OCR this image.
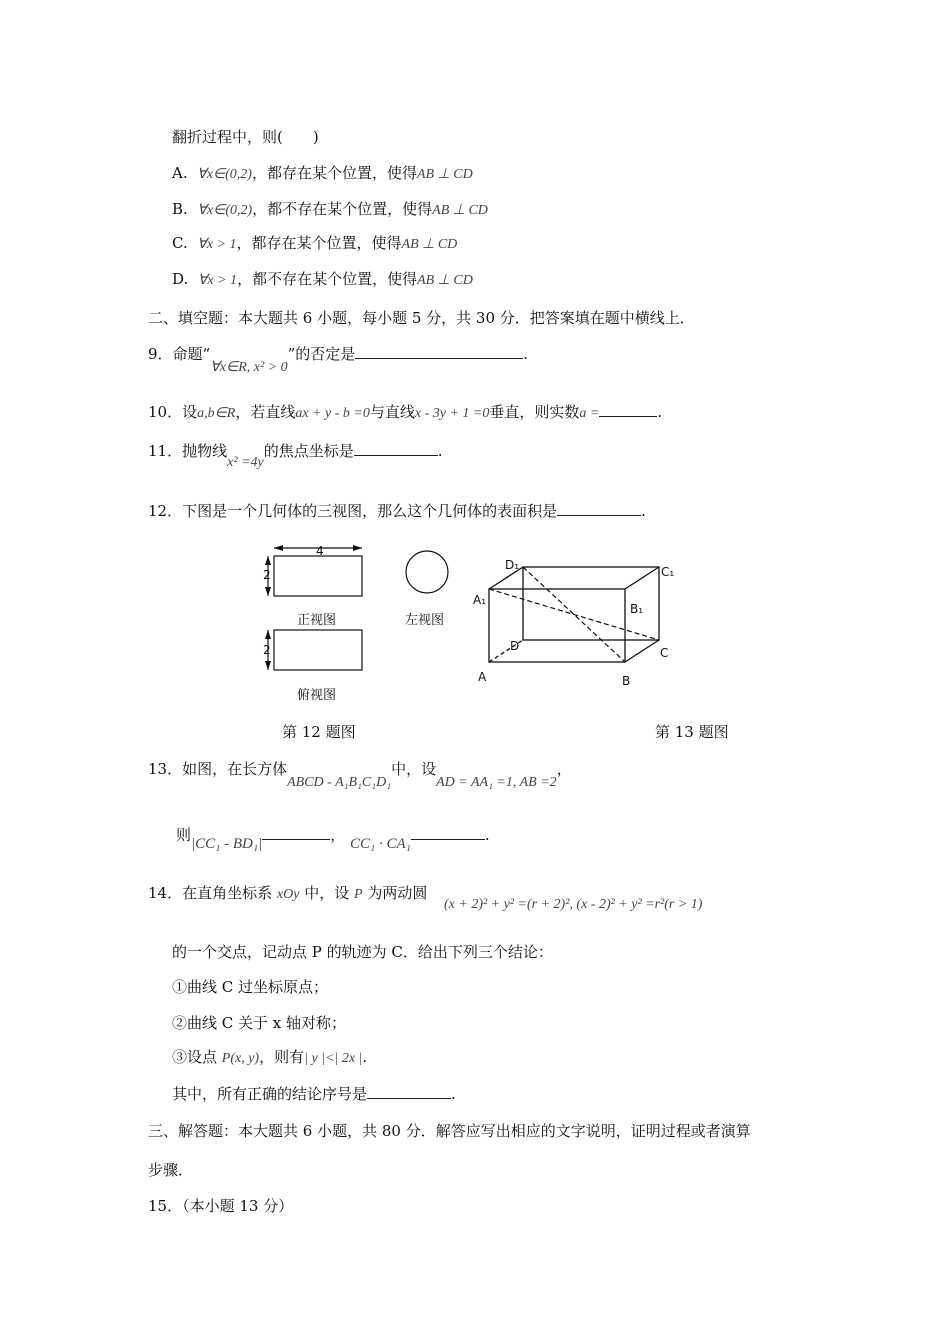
翻折过程中，则(  )
A. ∀x∈(0,2)，都存在某个位置，使得AB ⊥ CD
B. ∀x∈(0,2)，都不存在某个位置，使得AB ⊥ CD
C. ∀x > 1，都存在某个位置，使得AB ⊥ CD
D. ∀x > 1，都不存在某个位置，使得AB ⊥ CD
二、填空题：本大题共 6 小题，每小题 5 分，共 30 分．把答案填在题中横线上．
9．命题“∀x∈R, x² > 0”的否定是	.
10．设a,b∈R，若直线ax + y - b =0与直线x - 3y + 1 =0垂直，则实数a =	.
11．抛物线x² =4y的焦点坐标是	.
12．下图是一个几何体的三视图，那么这个几何体的表面积是	.
4
2
2
正视图	左视图
俯视图
D₁	C₁
A₁
B₁
D	C
A	B
第 12 题图	第 13 题图
13．如图，在长方体ABCD - A₁B₁C₁D₁中，设AD = AA₁ =1, AB =2，
则|CC₁ - BD₁|	， CC₁ · CA₁	.
14．在直角坐标系 xOy 中，设 P 为两动圆
(x + 2)² + y² =(r + 2)², (x - 2)² + y² =r²(r > 1)
的一个交点，记动点 P 的轨迹为 C．给出下列三个结论：
①曲线 C 过坐标原点；
②曲线 C 关于 x 轴对称；
③设点 P(x, y)，则有| y |<| 2x |.
其中，所有正确的结论序号是	.
三、解答题：本大题共 6 小题，共 80 分．解答应写出相应的文字说明，证明过程或者演算
步骤．
15．（本小题 13 分）
